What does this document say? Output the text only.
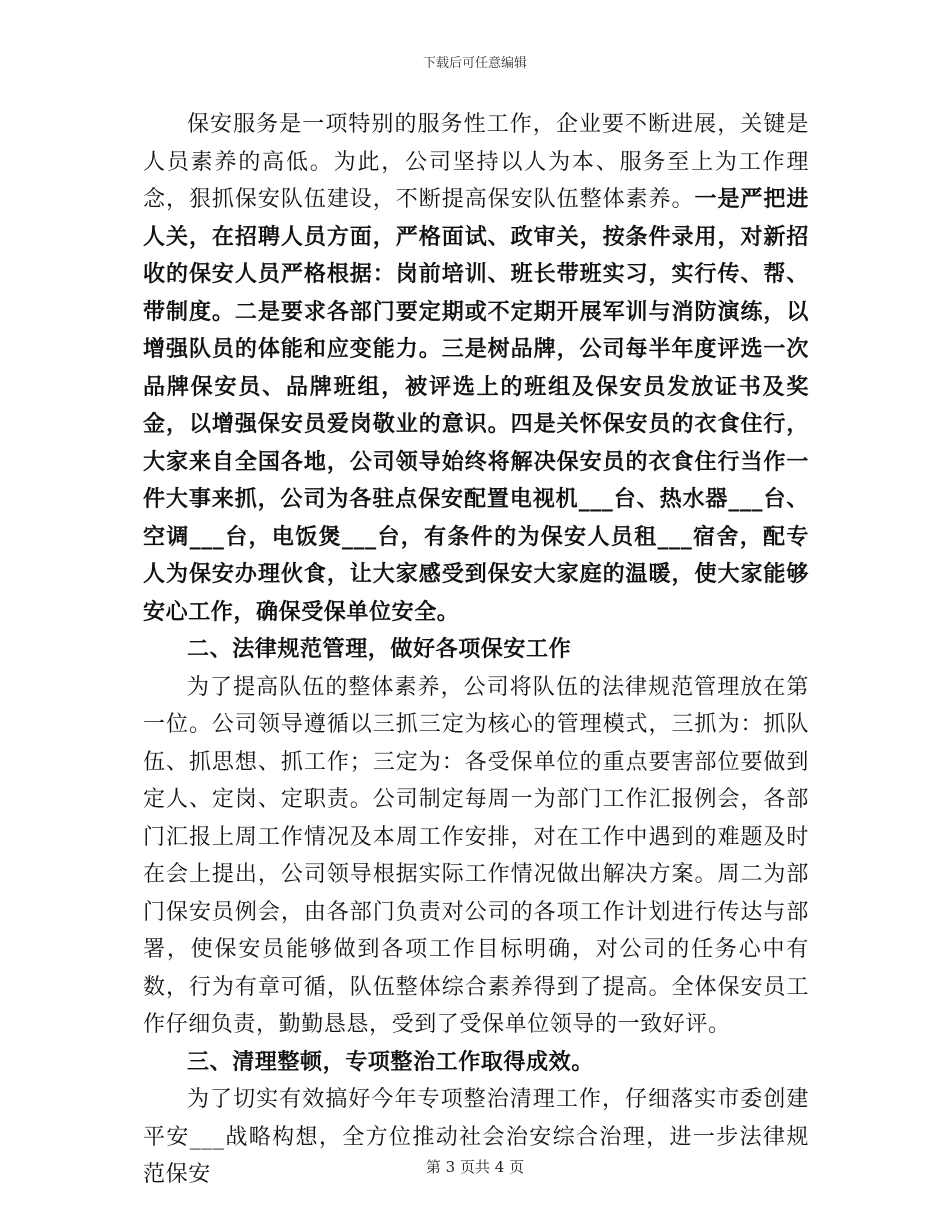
下载后可任意编辑

保安服务是一项特别的服务性工作，企业要不断进展，关键是人员素养的高低。为此，公司坚持以人为本、服务至上为工作理念，狠抓保安队伍建设，不断提高保安队伍整体素养。一是严把进人关，在招聘人员方面，严格面试、政审关，按条件录用，对新招收的保安人员严格根据：岗前培训、班长带班实习，实行传、帮、带制度。二是要求各部门要定期或不定期开展军训与消防演练，以增强队员的体能和应变能力。三是树品牌，公司每半年度评选一次品牌保安员、品牌班组，被评选上的班组及保安员发放证书及奖金，以增强保安员爱岗敬业的意识。四是关怀保安员的衣食住行，大家来自全国各地，公司领导始终将解决保安员的衣食住行当作一件大事来抓，公司为各驻点保安配置电视机___台、热水器___台、空调___台，电饭煲___台，有条件的为保安人员租___宿舍，配专人为保安办理伙食，让大家感受到保安大家庭的温暖，使大家能够安心工作，确保受保单位安全。

二、法律规范管理，做好各项保安工作

为了提高队伍的整体素养，公司将队伍的法律规范管理放在第一位。公司领导遵循以三抓三定为核心的管理模式，三抓为：抓队伍、抓思想、抓工作；三定为：各受保单位的重点要害部位要做到定人、定岗、定职责。公司制定每周一为部门工作汇报例会，各部门汇报上周工作情况及本周工作安排，对在工作中遇到的难题及时在会上提出，公司领导根据实际工作情况做出解决方案。周二为部门保安员例会，由各部门负责对公司的各项工作计划进行传达与部署，使保安员能够做到各项工作目标明确，对公司的任务心中有数，行为有章可循，队伍整体综合素养得到了提高。全体保安员工作仔细负责，勤勤恳恳，受到了受保单位领导的一致好评。

三、清理整顿，专项整治工作取得成效。

为了切实有效搞好今年专项整治清理工作，仔细落实市委创建平安___战略构想，全方位推动社会治安综合治理，进一步法律规范保安	第 3 页共 4 页
